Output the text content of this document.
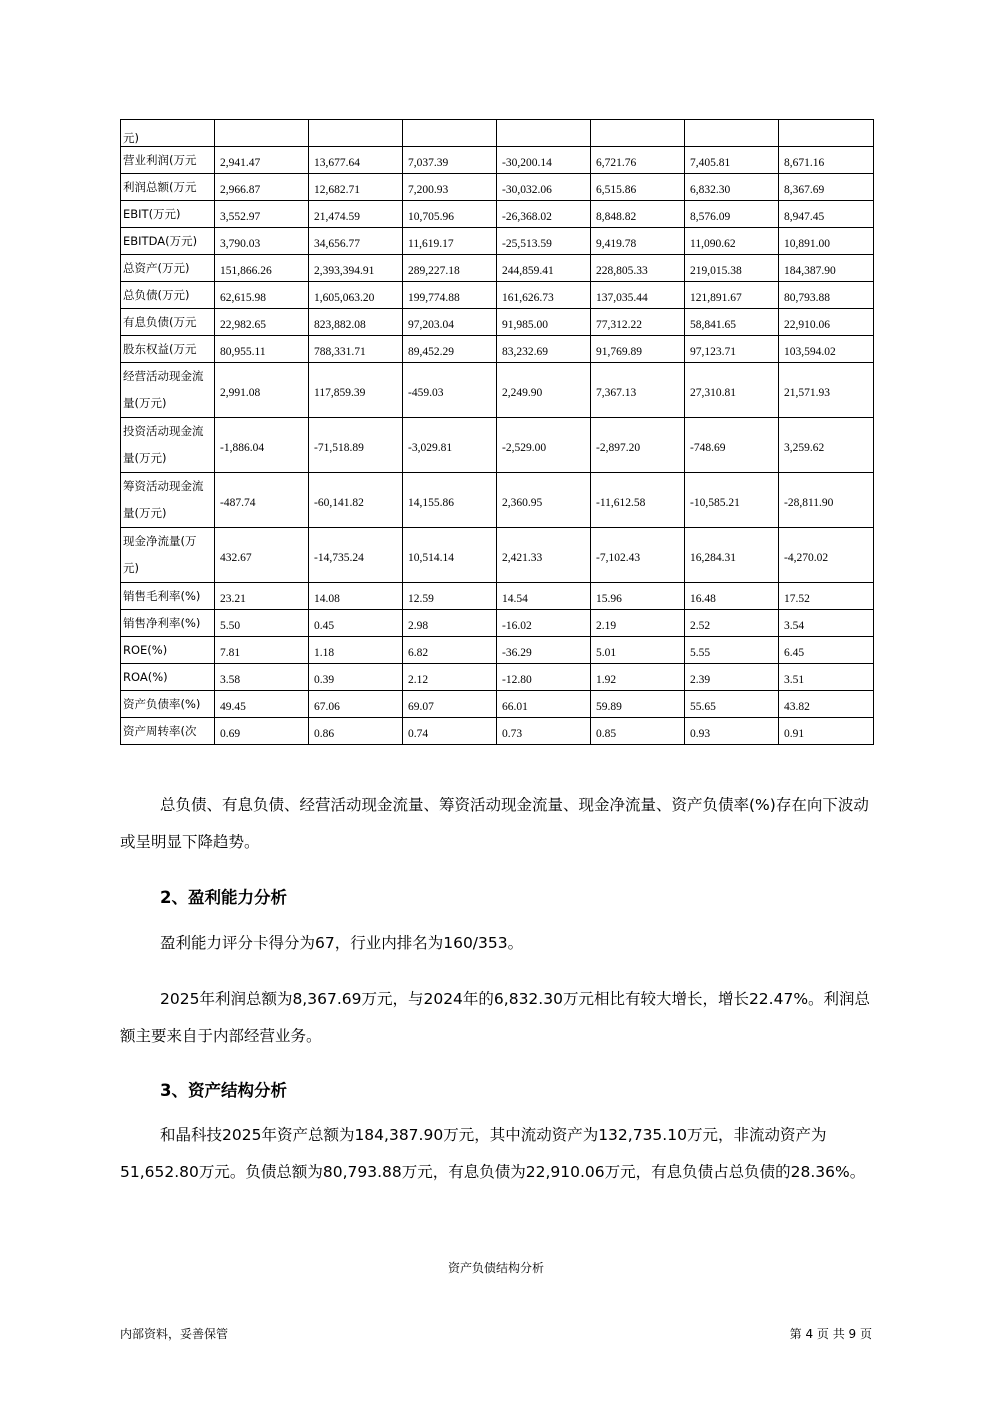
元)							
营业利润(万元	2,941.47	13,677.64	7,037.39	-30,200.14	6,721.76	7,405.81	8,671.16
利润总额(万元	2,966.87	12,682.71	7,200.93	-30,032.06	6,515.86	6,832.30	8,367.69
EBIT(万元)	3,552.97	21,474.59	10,705.96	-26,368.02	8,848.82	8,576.09	8,947.45
EBITDA(万元)	3,790.03	34,656.77	11,619.17	-25,513.59	9,419.78	11,090.62	10,891.00
总资产(万元)	151,866.26	2,393,394.91	289,227.18	244,859.41	228,805.33	219,015.38	184,387.90
总负债(万元)	62,615.98	1,605,063.20	199,774.88	161,626.73	137,035.44	121,891.67	80,793.88
有息负债(万元	22,982.65	823,882.08	97,203.04	91,985.00	77,312.22	58,841.65	22,910.06
股东权益(万元	80,955.11	788,331.71	89,452.29	83,232.69	91,769.89	97,123.71	103,594.02
经营活动现金流量(万元)	2,991.08	117,859.39	-459.03	2,249.90	7,367.13	27,310.81	21,571.93
投资活动现金流量(万元)	-1,886.04	-71,518.89	-3,029.81	-2,529.00	-2,897.20	-748.69	3,259.62
筹资活动现金流量(万元)	-487.74	-60,141.82	14,155.86	2,360.95	-11,612.58	-10,585.21	-28,811.90
现金净流量(万元)	432.67	-14,735.24	10,514.14	2,421.33	-7,102.43	16,284.31	-4,270.02
销售毛利率(%)	23.21	14.08	12.59	14.54	15.96	16.48	17.52
销售净利率(%)	5.50	0.45	2.98	-16.02	2.19	2.52	3.54
ROE(%)	7.81	1.18	6.82	-36.29	5.01	5.55	6.45
ROA(%)	3.58	0.39	2.12	-12.80	1.92	2.39	3.51
资产负债率(%)	49.45	67.06	69.07	66.01	59.89	55.65	43.82
资产周转率(次	0.69	0.86	0.74	0.73	0.85	0.93	0.91
总负债、有息负债、经营活动现金流量、筹资活动现金流量、现金净流量、资产负债率(%)存在向下波动或呈明显下降趋势。
2、盈利能力分析
盈利能力评分卡得分为67，行业内排名为160/353。
2025年利润总额为8,367.69万元，与2024年的6,832.30万元相比有较大增长，增长22.47%。利润总额主要来自于内部经营业务。
3、资产结构分析
和晶科技2025年资产总额为184,387.90万元，其中流动资产为132,735.10万元，非流动资产为51,652.80万元。负债总额为80,793.88万元，有息负债为22,910.06万元，有息负债占总负债的28.36%。
资产负债结构分析
内部资料，妥善保管	第 4 页 共 9 页
